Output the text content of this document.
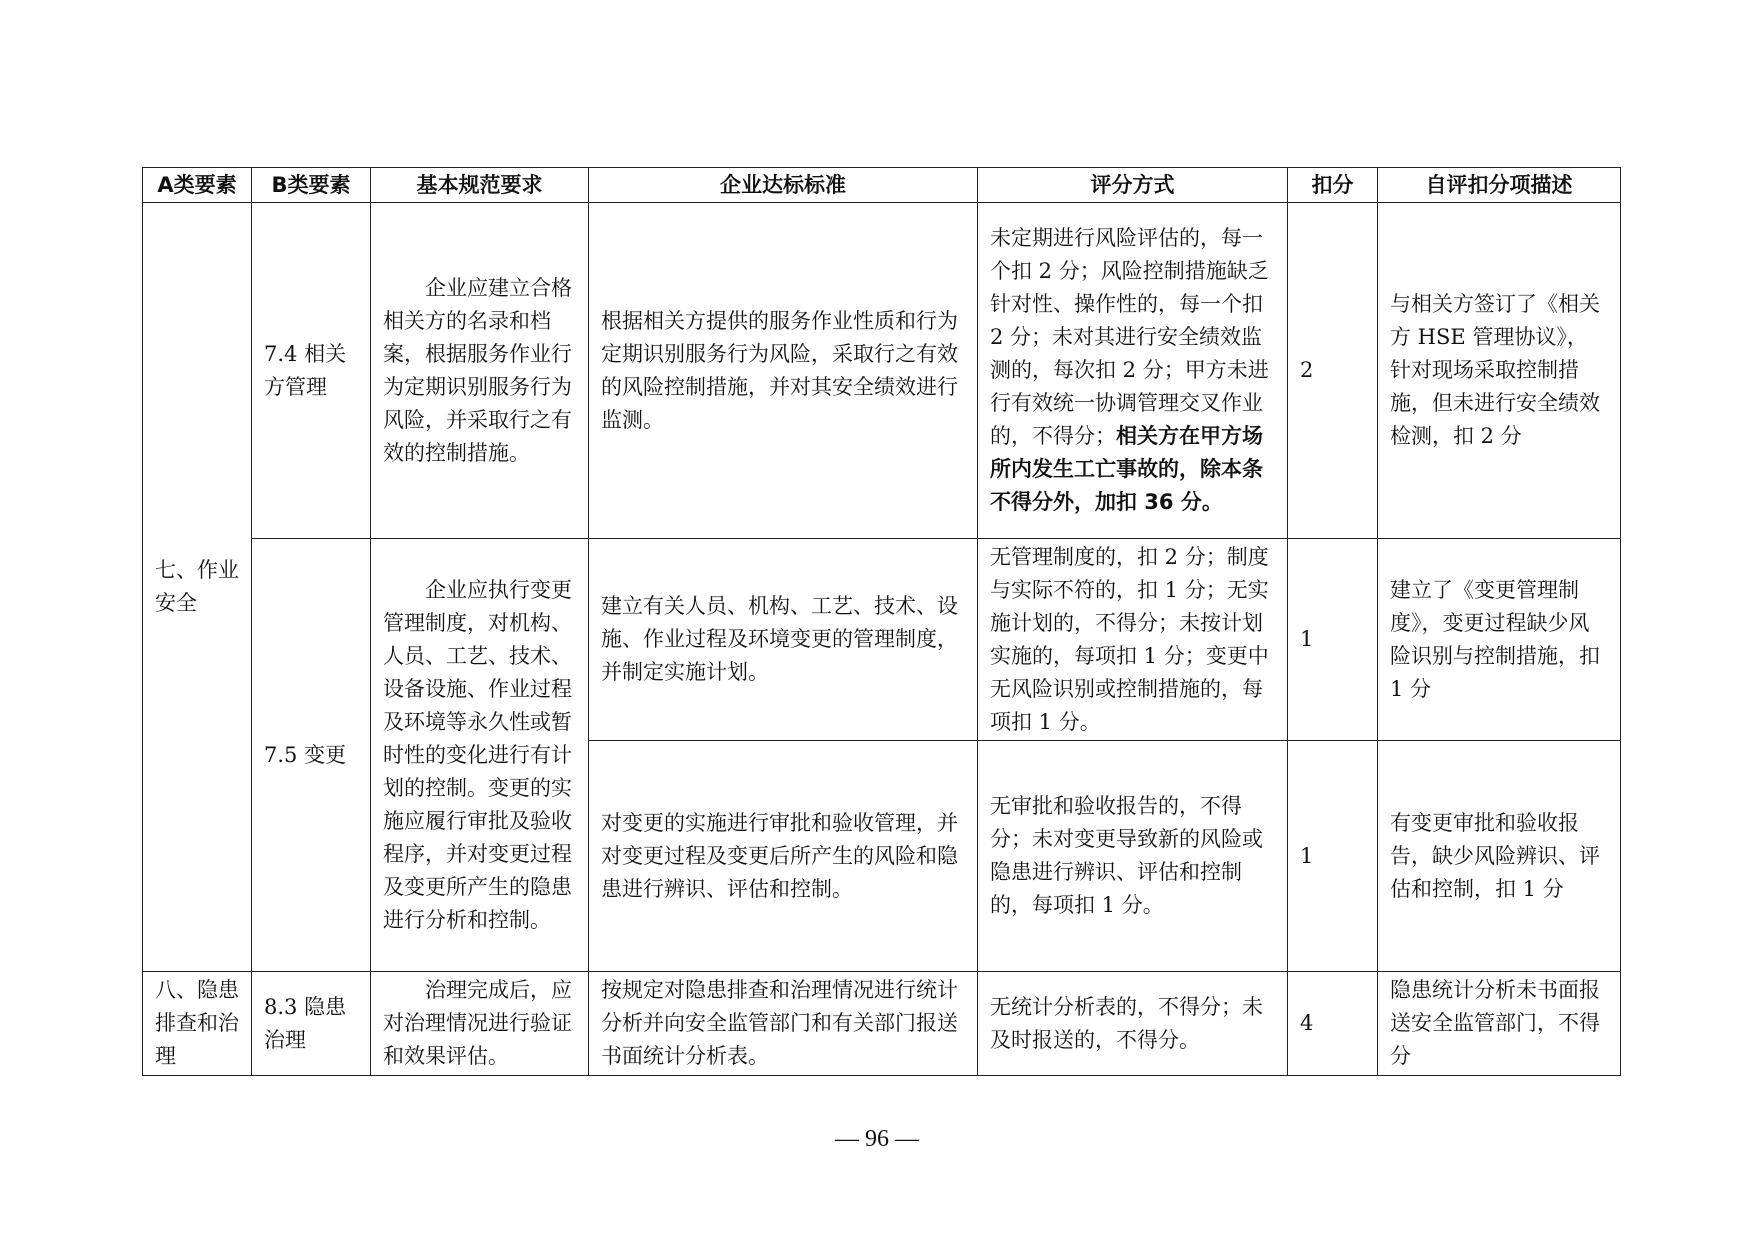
A类要素	B类要素	基本规范要求	企业达标标准	评分方式	扣分	自评扣分项描述
七、作业安全	7.4 相关方管理	企业应建立合格相关方的名录和档案，根据服务作业行为定期识别服务行为风险，并采取行之有效的控制措施。	根据相关方提供的服务作业性质和行为定期识别服务行为风险，采取行之有效的风险控制措施，并对其安全绩效进行监测。	未定期进行风险评估的，每一个扣 2 分；风险控制措施缺乏针对性、操作性的，每一个扣 2 分；未对其进行安全绩效监测的，每次扣 2 分；甲方未进行有效统一协调管理交叉作业的，不得分；相关方在甲方场所内发生工亡事故的，除本条不得分外，加扣 36 分。	2	与相关方签订了《相关方 HSE 管理协议》，针对现场采取控制措施，但未进行安全绩效检测，扣 2 分
	7.5 变更	企业应执行变更管理制度，对机构、人员、工艺、技术、设备设施、作业过程及环境等永久性或暂时性的变化进行有计划的控制。变更的实施应履行审批及验收程序，并对变更过程及变更所产生的隐患进行分析和控制。	建立有关人员、机构、工艺、技术、设施、作业过程及环境变更的管理制度，并制定实施计划。	无管理制度的，扣 2 分；制度与实际不符的，扣 1 分；无实施计划的，不得分；未按计划实施的，每项扣 1 分；变更中无风险识别或控制措施的，每项扣 1 分。	1	建立了《变更管理制度》，变更过程缺少风险识别与控制措施，扣 1 分
			对变更的实施进行审批和验收管理，并对变更过程及变更后所产生的风险和隐患进行辨识、评估和控制。	无审批和验收报告的，不得分；未对变更导致新的风险或隐患进行辨识、评估和控制的，每项扣 1 分。	1	有变更审批和验收报告，缺少风险辨识、评估和控制，扣 1 分
八、隐患排查和治理	8.3 隐患治理	治理完成后，应对治理情况进行验证和效果评估。	按规定对隐患排查和治理情况进行统计分析并向安全监管部门和有关部门报送书面统计分析表。	无统计分析表的，不得分；未及时报送的，不得分。	4	隐患统计分析未书面报送安全监管部门，不得分
— 96 —
